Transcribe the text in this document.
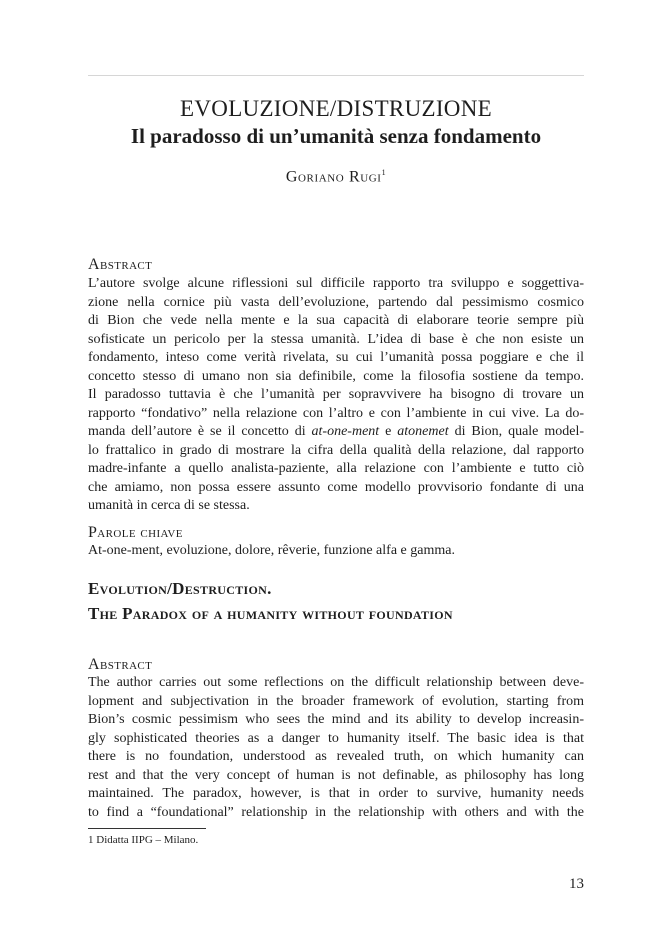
EVOLUZIONE/DISTRUZIONE
Il paradosso di un’umanità senza fondamento
Goriano Rugi$^1$
Abstract
L’autore svolge alcune riflessioni sul difficile rapporto tra sviluppo e soggettiva-
zione nella cornice più vasta dell’evoluzione, partendo dal pessimismo cosmico
di Bion che vede nella mente e la sua capacità di elaborare teorie sempre più
sofisticate un pericolo per la stessa umanità. L’idea di base è che non esiste un
fondamento, inteso come verità rivelata, su cui l’umanità possa poggiare e che il
concetto stesso di umano non sia definibile, come la filosofia sostiene da tempo.
Il paradosso tuttavia è che l’umanità per sopravvivere ha bisogno di trovare un
rapporto “fondativo” nella relazione con l’altro e con l’ambiente in cui vive. La do-
manda dell’autore è se il concetto di at-one-ment e atonemet di Bion, quale model-
lo frattalico in grado di mostrare la cifra della qualità della relazione, dal rapporto
madre-infante a quello analista-paziente, alla relazione con l’ambiente e tutto ciò
che amiamo, non possa essere assunto come modello provvisorio fondante di una
umanità in cerca di se stessa.
Parole chiave
At-one-ment, evoluzione, dolore, rêverie, funzione alfa e gamma.
Evolution/Destruction.
The Paradox of a humanity without foundation
Abstract
The author carries out some reflections on the difficult relationship between deve-
lopment and subjectivation in the broader framework of evolution, starting from
Bion’s cosmic pessimism who sees the mind and its ability to develop increasin-
gly sophisticated theories as a danger to humanity itself. The basic idea is that
there is no foundation, understood as revealed truth, on which humanity can
rest and that the very concept of human is not definable, as philosophy has long
maintained. The paradox, however, is that in order to survive, humanity needs
to find a “foundational” relationship in the relationship with others and with the
1 Didatta IIPG – Milano.
13
